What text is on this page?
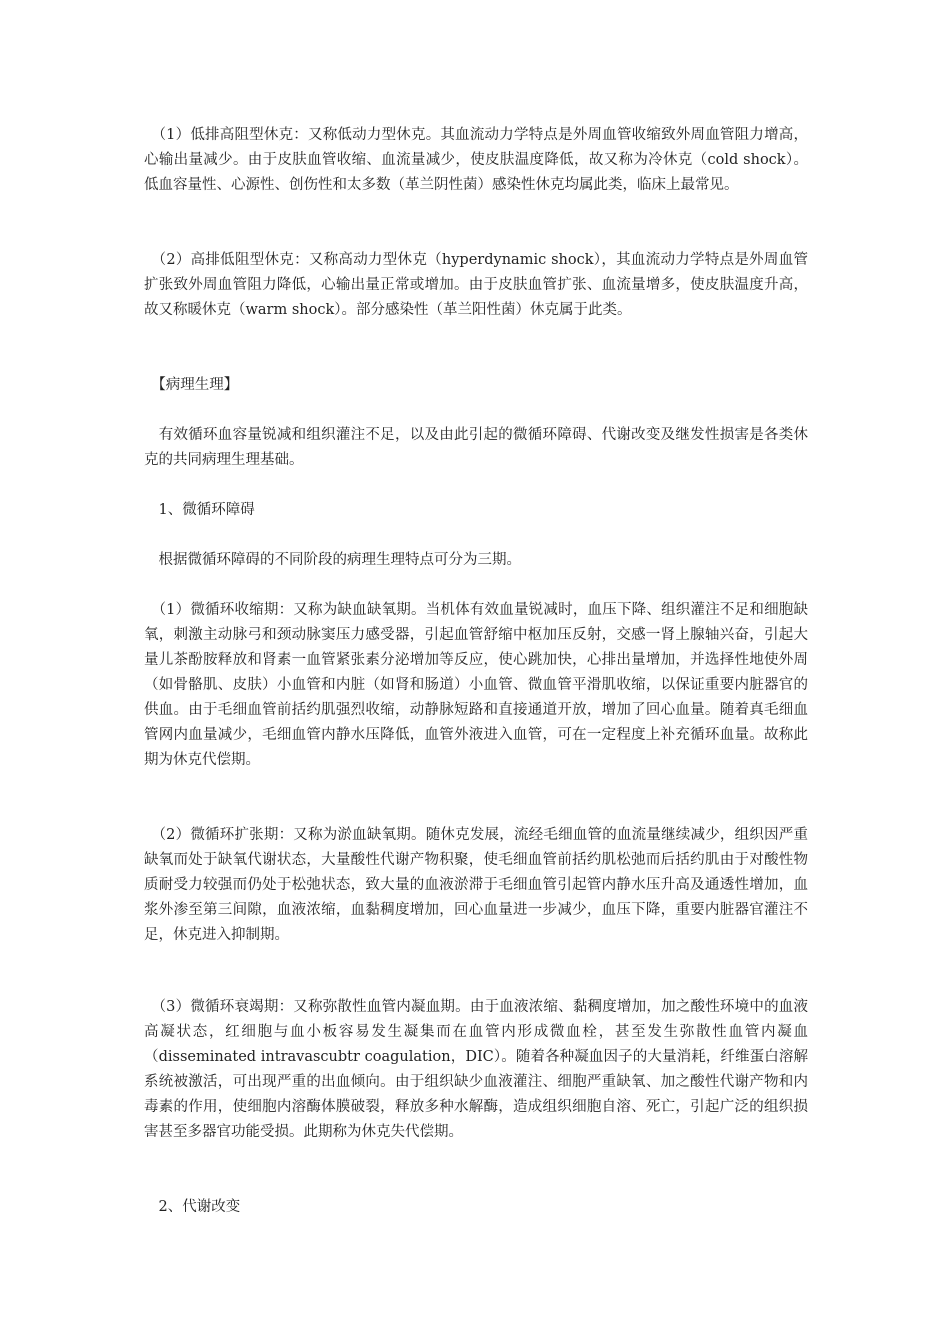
　（1）低排高阻型休克：又称低动力型休克。其血流动力学特点是外周血管收缩致外周血管阻力增高，心输出量减少。由于皮肤血管收缩、血流量减少，使皮肤温度降低，故又称为冷休克（cold shock）。低血容量性、心源性、创伤性和太多数（革兰阴性菌）感染性休克均属此类，临床上最常见。

　（2）高排低阻型休克：又称高动力型休克（hyperdynamic shock），其血流动力学特点是外周血管扩张致外周血管阻力降低，心输出量正常或增加。由于皮肤血管扩张、血流量增多，使皮肤温度升高，故又称暖休克（warm shock）。部分感染性（革兰阳性菌）休克属于此类。

　【病理生理】

　有效循环血容量锐减和组织灌注不足，以及由此引起的微循环障碍、代谢改变及继发性损害是各类休克的共同病理生理基础。

　1、微循环障碍

　根据微循环障碍的不同阶段的病理生理特点可分为三期。

　（1）微循环收缩期：又称为缺血缺氧期。当机体有效血量锐减时，血压下降、组织灌注不足和细胞缺氧，刺激主动脉弓和颈动脉窦压力感受器，引起血管舒缩中枢加压反射，交感一肾上腺轴兴奋，引起大量儿茶酚胺释放和肾素一血管紧张素分泌增加等反应，使心跳加快，心排出量增加，并选择性地使外周（如骨骼肌、皮肤）小血管和内脏（如肾和肠道）小血管、微血管平滑肌收缩，以保证重要内脏器官的供血。由于毛细血管前括约肌强烈收缩，动静脉短路和直接通道开放，增加了回心血量。随着真毛细血管网内血量减少，毛细血管内静水压降低，血管外液进入血管，可在一定程度上补充循环血量。故称此期为休克代偿期。

　（2）微循环扩张期：又称为淤血缺氧期。随休克发展，流经毛细血管的血流量继续减少，组织因严重缺氧而处于缺氧代谢状态，大量酸性代谢产物积聚，使毛细血管前括约肌松弛而后括约肌由于对酸性物质耐受力较强而仍处于松弛状态，致大量的血液淤滞于毛细血管引起管内静水压升高及通透性增加，血浆外渗至第三间隙，血液浓缩，血黏稠度增加，回心血量进一步减少，血压下降，重要内脏器官灌注不足，休克进入抑制期。

　（3）微循环衰竭期：又称弥散性血管内凝血期。由于血液浓缩、黏稠度增加，加之酸性环境中的血液高凝状态，红细胞与血小板容易发生凝集而在血管内形成微血栓，甚至发生弥散性血管内凝血（disseminated intravascubtr coagulation，DIC）。随着各种凝血因子的大量消耗，纤维蛋白溶解系统被激活，可出现严重的出血倾向。由于组织缺少血液灌注、细胞严重缺氧、加之酸性代谢产物和内毒素的作用，使细胞内溶酶体膜破裂，释放多种水解酶，造成组织细胞自溶、死亡，引起广泛的组织损害甚至多器官功能受损。此期称为休克失代偿期。

　2、代谢改变
